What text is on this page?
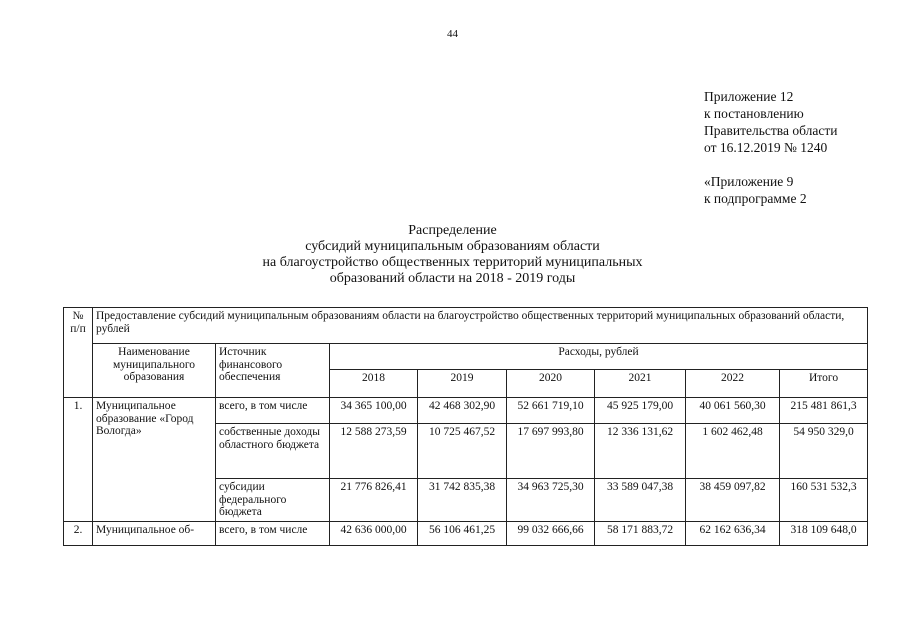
44
Приложение 12
к постановлению
Правительства области
от 16.12.2019 № 1240
«Приложение 9
к подпрограмме 2
Распределение
субсидий муниципальным образованиям области
на благоустройство общественных территорий муниципальных
образований области на 2018 - 2019 годы
№ п/п	Предоставление субсидий муниципальным образованиям области на благоустройство общественных территорий муниципальных образований области, рублей							
	Наименование муниципального образования	Источник финансового обеспечения	Расходы, рублей					
			2018	2019	2020	2021	2022	Итого
1.	Муниципальное образование «Город Вологда»	всего, в том числе	34 365 100,00	42 468 302,90	52 661 719,10	45 925 179,00	40 061 560,30	215 481 861,3
		собственные доходы областного бюджета	12 588 273,59	10 725 467,52	17 697 993,80	12 336 131,62	1 602 462,48	54 950 329,0
		субсидии федерального бюджета	21 776 826,41	31 742 835,38	34 963 725,30	33 589 047,38	38 459 097,82	160 531 532,3
2.	Муниципальное об-	всего, в том числе	42 636 000,00	56 106 461,25	99 032 666,66	58 171 883,72	62 162 636,34	318 109 648,0
